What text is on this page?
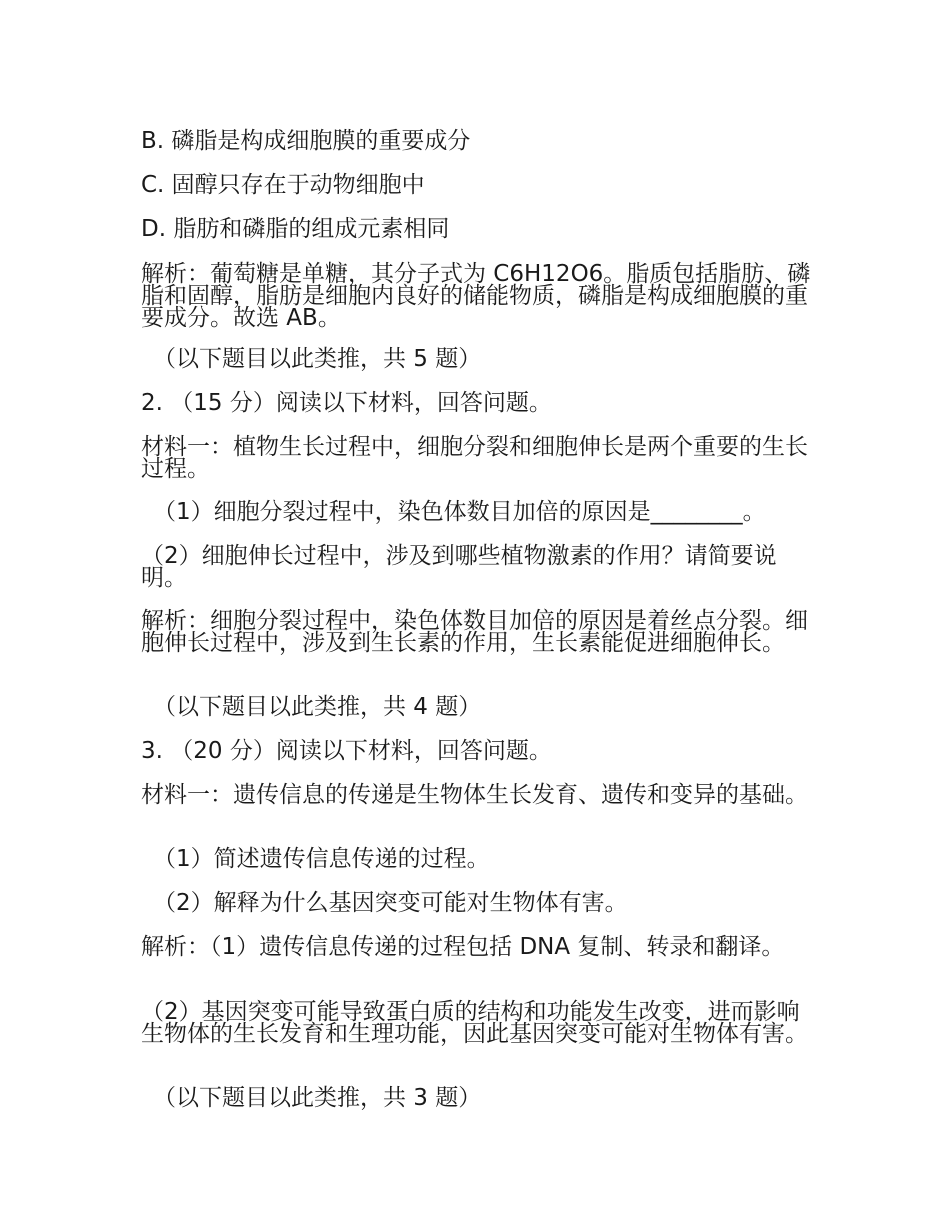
B. 磷脂是构成细胞膜的重要成分

C. 固醇只存在于动物细胞中

D. 脂肪和磷脂的组成元素相同

解析：葡萄糖是单糖，其分子式为 C6H12O6。脂质包括脂肪、磷脂和固醇，脂肪是细胞内良好的储能物质，磷脂是构成细胞膜的重要成分。故选 AB。

（以下题目以此类推，共 5 题）

2. （15 分）阅读以下材料，回答问题。

材料一：植物生长过程中，细胞分裂和细胞伸长是两个重要的生长过程。

（1）细胞分裂过程中，染色体数目加倍的原因是________。

（2）细胞伸长过程中，涉及到哪些植物激素的作用？请简要说明。

解析：细胞分裂过程中，染色体数目加倍的原因是着丝点分裂。细胞伸长过程中，涉及到生长素的作用，生长素能促进细胞伸长。

（以下题目以此类推，共 4 题）

3. （20 分）阅读以下材料，回答问题。

材料一：遗传信息的传递是生物体生长发育、遗传和变异的基础。

（1）简述遗传信息传递的过程。

（2）解释为什么基因突变可能对生物体有害。

解析：（1）遗传信息传递的过程包括 DNA 复制、转录和翻译。

（2）基因突变可能导致蛋白质的结构和功能发生改变，进而影响生物体的生长发育和生理功能，因此基因突变可能对生物体有害。

（以下题目以此类推，共 3 题）
